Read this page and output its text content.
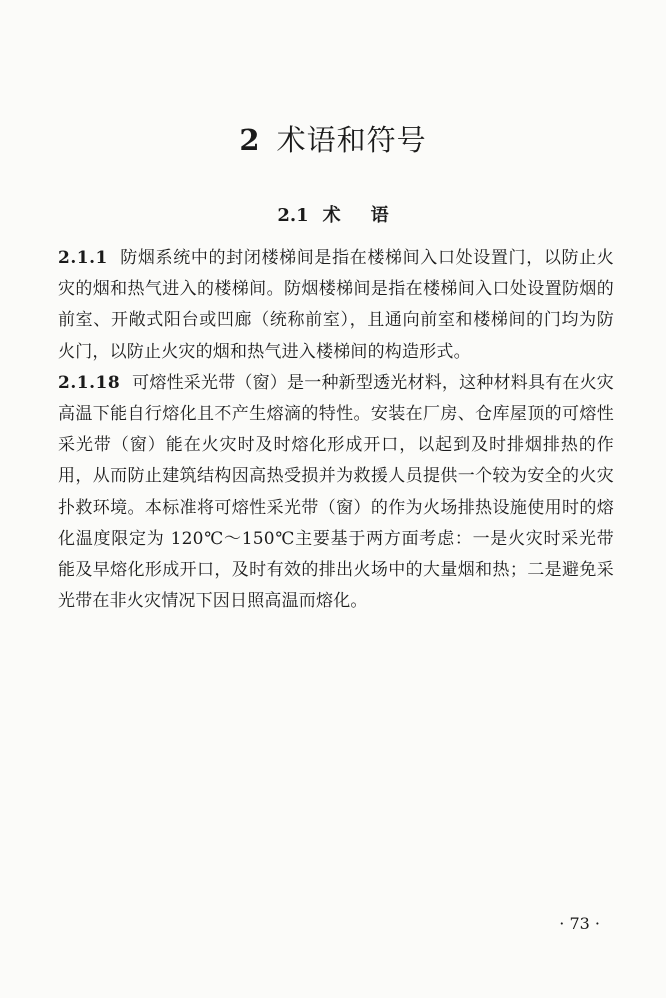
2 术语和符号
2.1 术 语

2.1.1 防烟系统中的封闭楼梯间是指在楼梯间入口处设置门，以防止火灾的烟和热气进入的楼梯间。防烟楼梯间是指在楼梯间入口处设置防烟的前室、开敞式阳台或凹廊（统称前室），且通向前室和楼梯间的门均为防火门，以防止火灾的烟和热气进入楼梯间的构造形式。

2.1.18 可熔性采光带（窗）是一种新型透光材料，这种材料具有在火灾高温下能自行熔化且不产生熔滴的特性。安装在厂房、仓库屋顶的可熔性采光带（窗）能在火灾时及时熔化形成开口，以起到及时排烟排热的作用，从而防止建筑结构因高热受损并为救援人员提供一个较为安全的火灾扑救环境。本标准将可熔性采光带（窗）的作为火场排热设施使用时的熔化温度限定为 120℃～150℃主要基于两方面考虑：一是火灾时采光带能及早熔化形成开口，及时有效的排出火场中的大量烟和热；二是避免采光带在非火灾情况下因日照高温而熔化。

· 73 ·
